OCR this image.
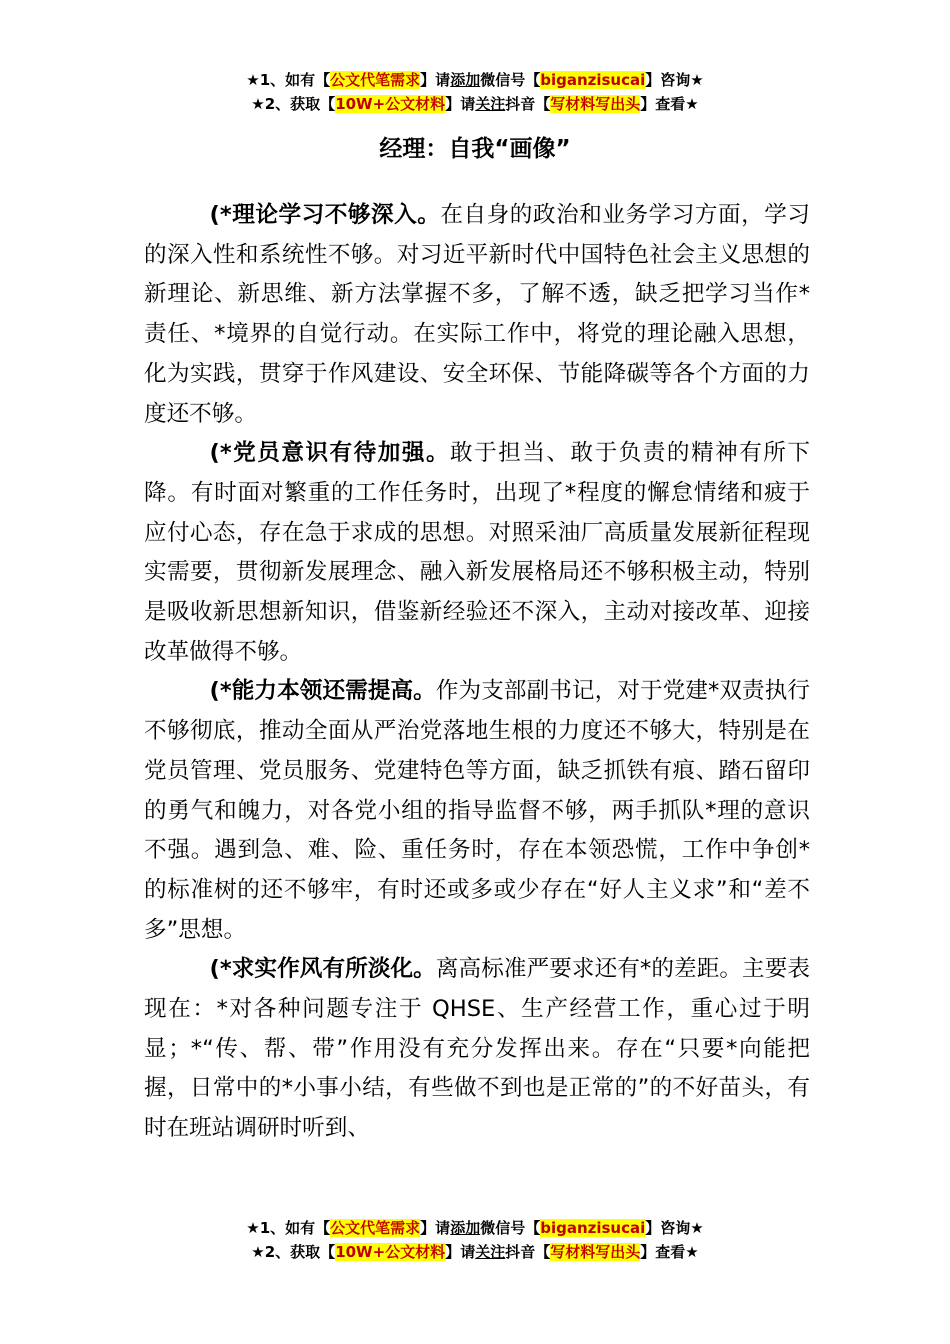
★1、如有【公文代笔需求】请添加微信号【biganzisucai】咨询★
★2、获取【10W+公文材料】请关注抖音【写材料写出头】查看★
经理：自我“画像”

(*理论学习不够深入。在自身的政治和业务学习方面，学习的深入性和系统性不够。对习近平新时代中国特色社会主义思想的新理论、新思维、新方法掌握不多，了解不透，缺乏把学习当作*责任、*境界的自觉行动。在实际工作中，将党的理论融入思想，化为实践，贯穿于作风建设、安全环保、节能降碳等各个方面的力度还不够。

(*党员意识有待加强。敢于担当、敢于负责的精神有所下降。有时面对繁重的工作任务时，出现了*程度的懈怠情绪和疲于应付心态，存在急于求成的思想。对照采油厂高质量发展新征程现实需要，贯彻新发展理念、融入新发展格局还不够积极主动，特别是吸收新思想新知识，借鉴新经验还不深入，主动对接改革、迎接改革做得不够。

(*能力本领还需提高。作为支部副书记，对于党建*双责执行不够彻底，推动全面从严治党落地生根的力度还不够大，特别是在党员管理、党员服务、党建特色等方面，缺乏抓铁有痕、踏石留印的勇气和魄力，对各党小组的指导监督不够，两手抓队*理的意识不强。遇到急、难、险、重任务时，存在本领恐慌，工作中争创*的标准树的还不够牢，有时还或多或少存在“好人主义求”和“差不多”思想。

(*求实作风有所淡化。离高标准严要求还有*的差距。主要表现在：*对各种问题专注于 QHSE、生产经营工作，重心过于明显；*“传、帮、带”作用没有充分发挥出来。存在“只要*向能把握，日常中的*小事小结，有些做不到也是正常的”的不好苗头，有时在班站调研时听到、

★1、如有【公文代笔需求】请添加微信号【biganzisucai】咨询★
★2、获取【10W+公文材料】请关注抖音【写材料写出头】查看★
